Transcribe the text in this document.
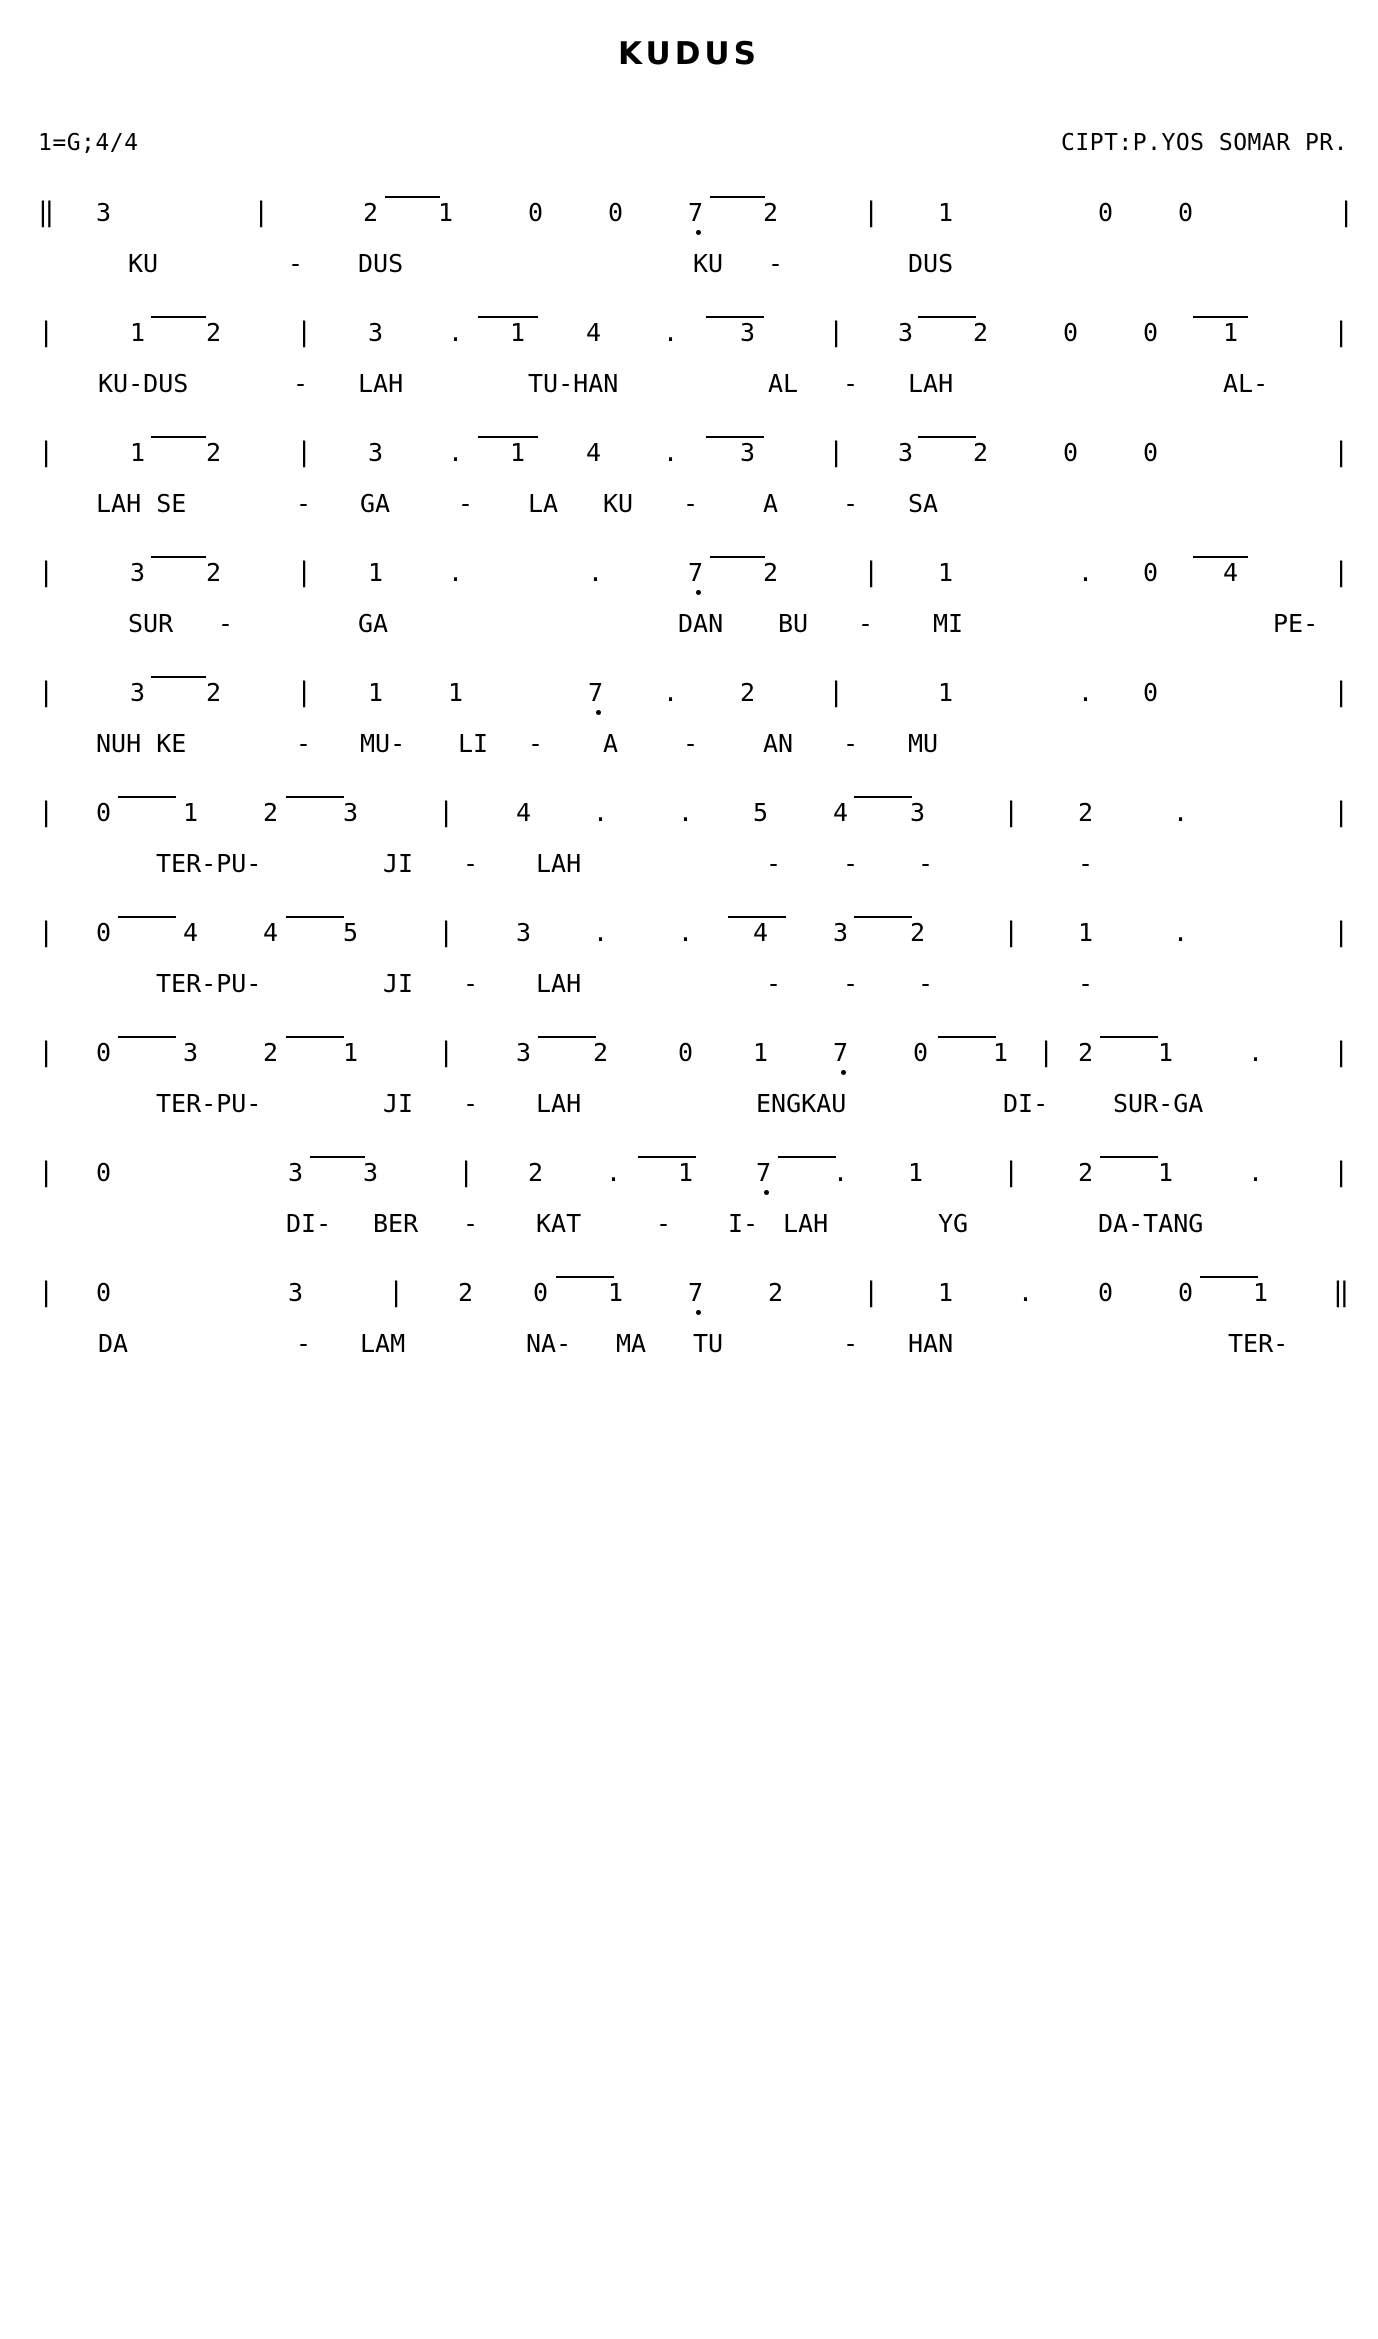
KUDUS
1=G;4/4	CIPT:P.YOS SOMAR PR.
‖ 3	|	2 1	0	0	7 2	| 1	0	0	|
KU	- DUS	KU -	DUS
|	1 2	| 3	. 1 4 . 3	| 3 2	0	0	1	|
KU-DUS	- LAH	TU-HAN	AL - LAH	AL-
|	1 2	| 3	. 1 4 . 3	| 3 2	0	0	|
LAH SE	- GA	- LA KU -	A	- SA
|	3 2	| 1	.	.	7 2	| 1	. 0	4	|
SUR -	GA	DAN BU - MI	PE-
|	3 2	| 1	1	7 . 2	|	1	. 0	|
NUH KE	- MU- LI - A	-	AN - MU
| 0	1	2	3	| 4 .	. 5	4 3	| 2	.	|
TER-PU-	JI - LAH	- - -	-
| 0	4	4	5	| 3 .	. 4	3 2	| 1	.	|
TER-PU-	JI - LAH	- - -	-
| 0	3	2	1	| 3 2	0 1	7	0	1 | 2	1	.	|
TER-PU-	JI - LAH	ENGKAU	DI-	SUR-GA
| 0	3 3	| 2	. 1	7 . 1	| 2	1	.	|
DI- BER - KAT	- I- LAH	YG	DA-TANG
| 0	3	| 2 0 1	7	2	| 1	.	0	0 1 ‖
DA	- LAM	NA- MA TU	- HAN	TER-
